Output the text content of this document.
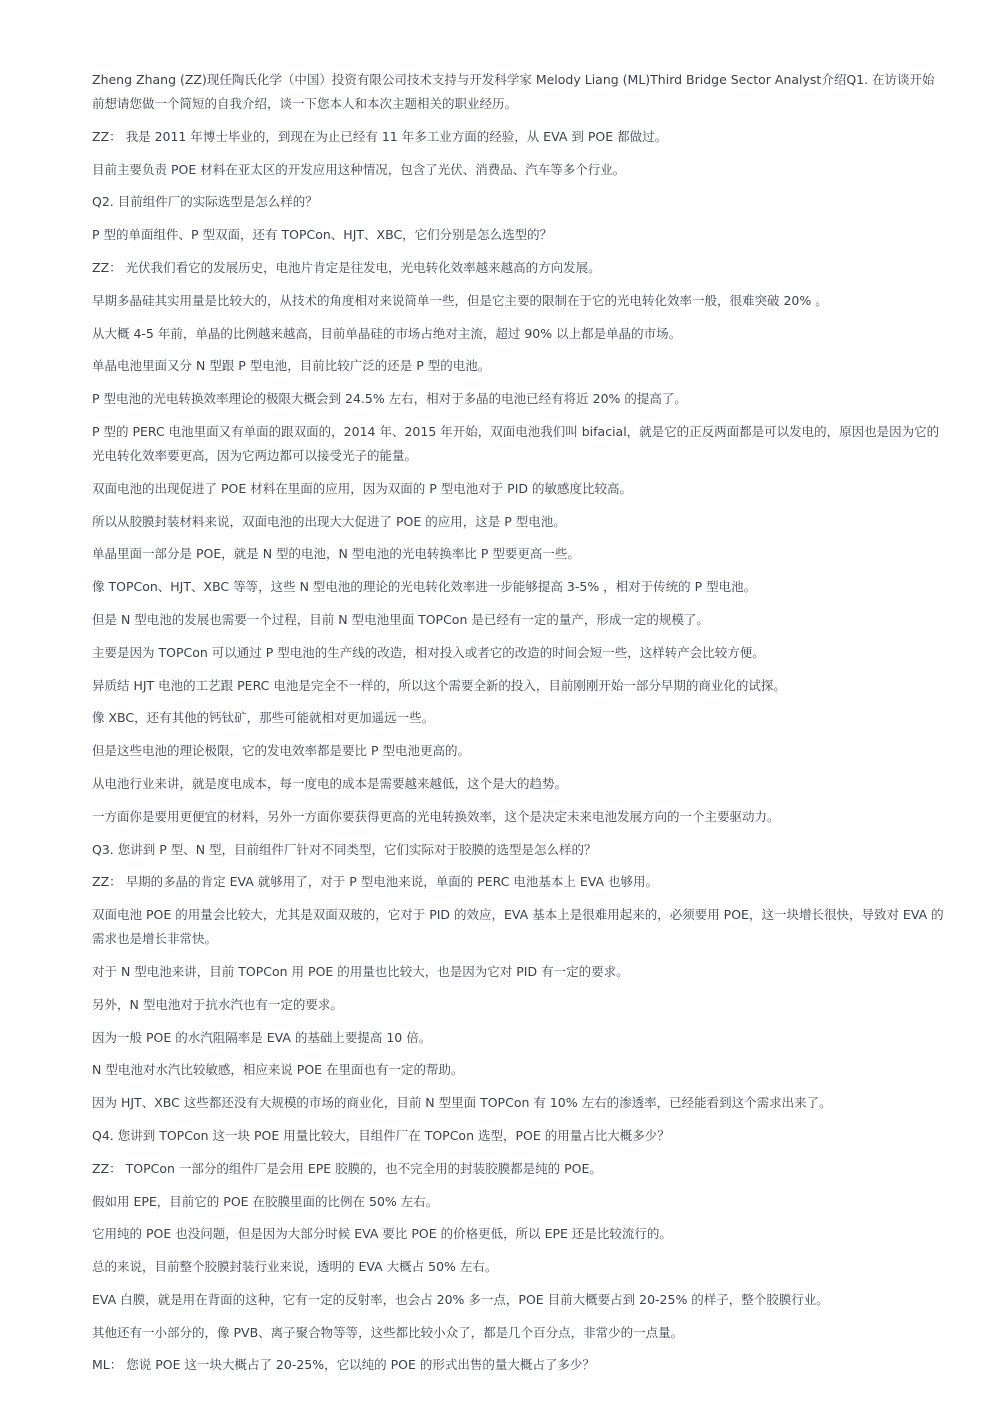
Zheng Zhang (ZZ)现任陶氏化学（中国）投资有限公司技术支持与开发科学家 Melody Liang (ML)Third Bridge Sector Analyst介绍Q1. 在访谈开始前想请您做一个简短的自我介绍，谈一下您本人和本次主题相关的职业经历。

ZZ： 我是 2011 年博士毕业的，到现在为止已经有 11 年多工业方面的经验，从 EVA 到 POE 都做过。

目前主要负责 POE 材料在亚太区的开发应用这种情况，包含了光伏、消费品、汽车等多个行业。

Q2. 目前组件厂的实际选型是怎么样的？

P 型的单面组件、P 型双面，还有 TOPCon、HJT、XBC，它们分别是怎么选型的？

ZZ： 光伏我们看它的发展历史，电池片肯定是往发电，光电转化效率越来越高的方向发展。

早期多晶硅其实用量是比较大的，从技术的角度相对来说简单一些，但是它主要的限制在于它的光电转化效率一般，很难突破 20% 。

从大概 4-5 年前，单晶的比例越来越高，目前单晶硅的市场占绝对主流，超过 90% 以上都是单晶的市场。

单晶电池里面又分 N 型跟 P 型电池，目前比较广泛的还是 P 型的电池。

P 型电池的光电转换效率理论的极限大概会到 24.5% 左右，相对于多晶的电池已经有将近 20% 的提高了。

P 型的 PERC 电池里面又有单面的跟双面的，2014 年、2015 年开始，双面电池我们叫 bifacial，就是它的正反两面都是可以发电的，原因也是因为它的光电转化效率要更高，因为它两边都可以接受光子的能量。

双面电池的出现促进了 POE 材料在里面的应用，因为双面的 P 型电池对于 PID 的敏感度比较高。

所以从胶膜封装材料来说，双面电池的出现大大促进了 POE 的应用，这是 P 型电池。

单晶里面一部分是 POE，就是 N 型的电池，N 型电池的光电转换率比 P 型要更高一些。

像 TOPCon、HJT、XBC 等等，这些 N 型电池的理论的光电转化效率进一步能够提高 3-5% ，相对于传统的 P 型电池。

但是 N 型电池的发展也需要一个过程，目前 N 型电池里面 TOPCon 是已经有一定的量产，形成一定的规模了。

主要是因为 TOPCon 可以通过 P 型电池的生产线的改造，相对投入或者它的改造的时间会短一些，这样转产会比较方便。

异质结 HJT 电池的工艺跟 PERC 电池是完全不一样的，所以这个需要全新的投入，目前刚刚开始一部分早期的商业化的试探。

像 XBC，还有其他的钙钛矿，那些可能就相对更加遥远一些。

但是这些电池的理论极限，它的发电效率都是要比 P 型电池更高的。

从电池行业来讲，就是度电成本，每一度电的成本是需要越来越低，这个是大的趋势。

一方面你是要用更便宜的材料，另外一方面你要获得更高的光电转换效率，这个是决定未来电池发展方向的一个主要驱动力。

Q3. 您讲到 P 型、N 型，目前组件厂针对不同类型，它们实际对于胶膜的选型是怎么样的？

ZZ： 早期的多晶的肯定 EVA 就够用了，对于 P 型电池来说，单面的 PERC 电池基本上 EVA 也够用。

双面电池 POE 的用量会比较大，尤其是双面双玻的，它对于 PID 的效应，EVA 基本上是很难用起来的，必须要用 POE，这一块增长很快，导致对 EVA 的需求也是增长非常快。

对于 N 型电池来讲，目前 TOPCon 用 POE 的用量也比较大，也是因为它对 PID 有一定的要求。

另外，N 型电池对于抗水汽也有一定的要求。

因为一般 POE 的水汽阻隔率是 EVA 的基础上要提高 10 倍。

N 型电池对水汽比较敏感，相应来说 POE 在里面也有一定的帮助。

因为 HJT、XBC 这些都还没有大规模的市场的商业化，目前 N 型里面 TOPCon 有 10% 左右的渗透率，已经能看到这个需求出来了。

Q4. 您讲到 TOPCon 这一块 POE 用量比较大，目组件厂在 TOPCon 选型，POE 的用量占比大概多少？

ZZ： TOPCon 一部分的组件厂是会用 EPE 胶膜的，也不完全用的封装胶膜都是纯的 POE。

假如用 EPE，目前它的 POE 在胶膜里面的比例在 50% 左右。

它用纯的 POE 也没问题，但是因为大部分时候 EVA 要比 POE 的价格更低，所以 EPE 还是比较流行的。

总的来说，目前整个胶膜封装行业来说，透明的 EVA 大概占 50% 左右。

EVA 白膜，就是用在背面的这种，它有一定的反射率，也会占 20% 多一点，POE 目前大概要占到 20-25% 的样子，整个胶膜行业。

其他还有一小部分的，像 PVB、离子聚合物等等，这些都比较小众了，都是几个百分点，非常少的一点量。

ML： 您说 POE 这一块大概占了 20-25%，它以纯的 POE 的形式出售的量大概占了多少？
